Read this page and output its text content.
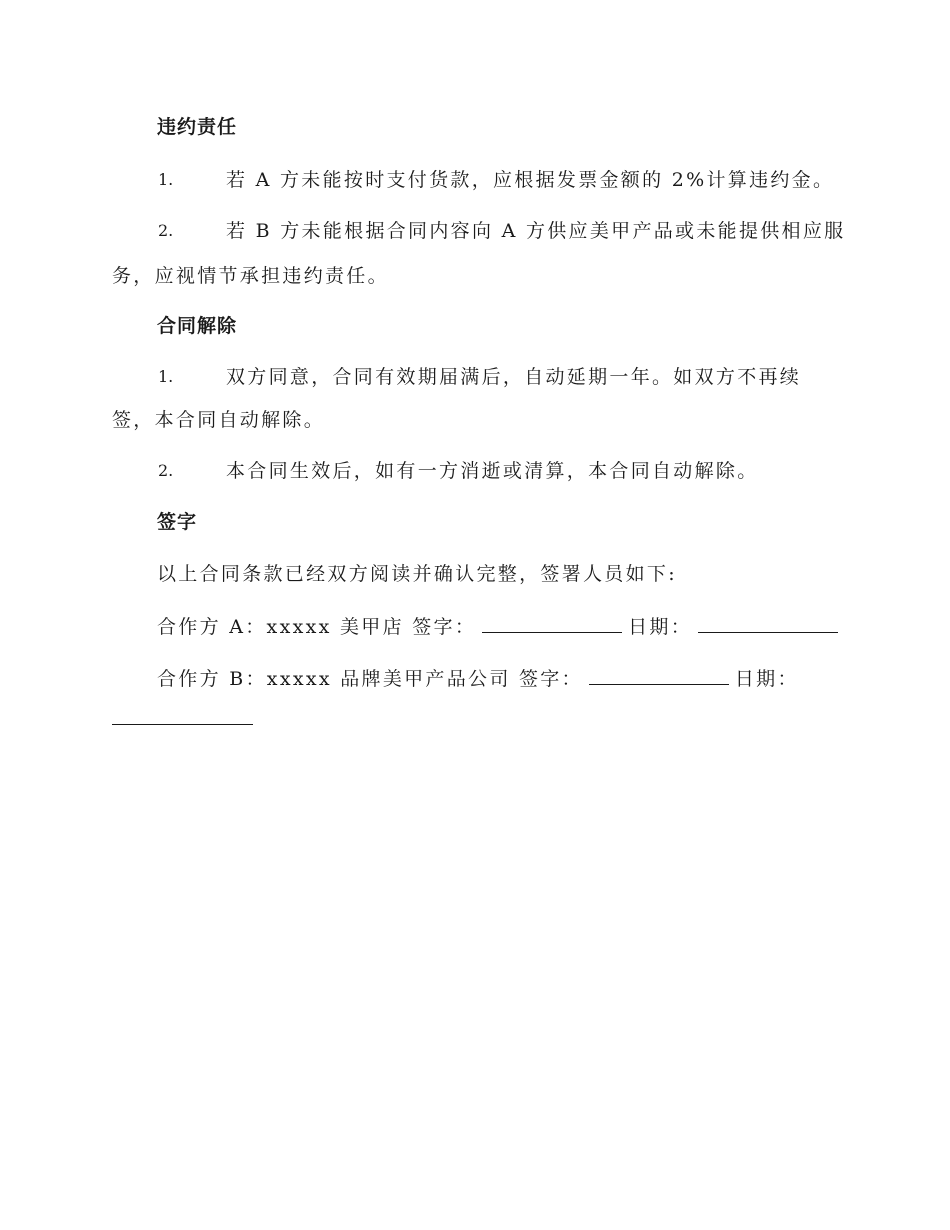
违约责任
1.	若 A 方未能按时支付货款，应根据发票金额的 2%计算违约金。
2.	若 B 方未能根据合同内容向 A 方供应美甲产品或未能提供相应服
务，应视情节承担违约责任。
合同解除
1.	双方同意，合同有效期届满后，自动延期一年。如双方不再续
签，本合同自动解除。
2.	本合同生效后，如有一方消逝或清算，本合同自动解除。
签字
以上合同条款已经双方阅读并确认完整，签署人员如下:
合作方 A：xxxxx 美甲店 签字：	日期：
合作方 B：xxxxx 品牌美甲产品公司 签字：	日期：
